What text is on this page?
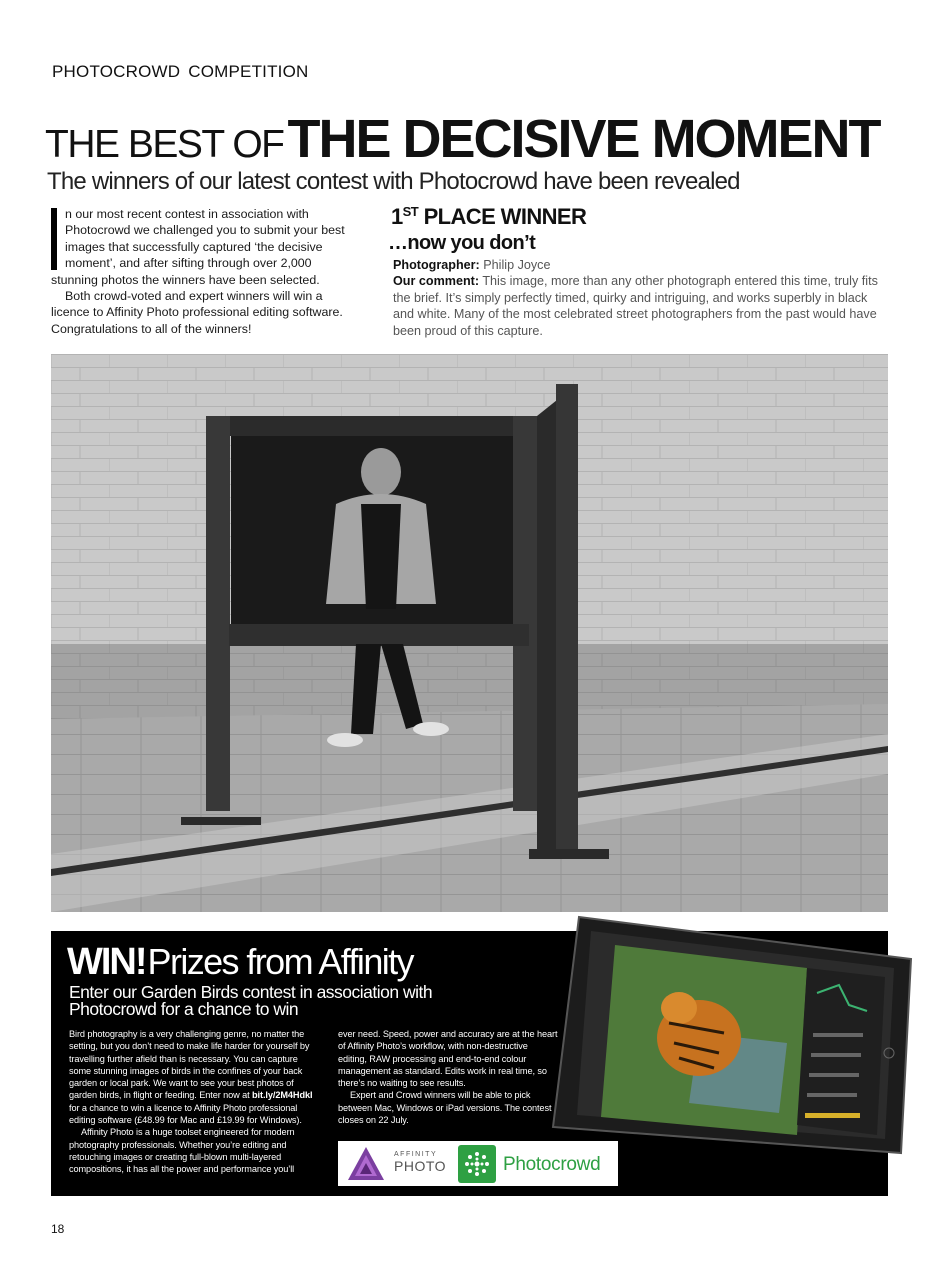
PHOTOCROWD COMPETITION
THE BEST OFTHE DECISIVE MOMENT
The winners of our latest contest with Photocrowd have been revealed

n our most recent contest in association with Photocrowd we challenged you to submit your best images that successfully captured ‘the decisive moment’, and after sifting through over 2,000 stunning photos the winners have been selected.

Both crowd-voted and expert winners will win a licence to Affinity Photo professional editing software. Congratulations to all of the winners!

1ST PLACE WINNER
…now you don’t
Photographer: Philip Joyce
Our comment: This image, more than any other photograph entered this time, truly fits the brief. It’s simply perfectly timed, quirky and intriguing, and works superbly in black and white. Many of the most celebrated street photographers from the past would have been proud of this capture.
WIN!Prizes from Affinity
Enter our Garden Birds contest in association with Photocrowd for a chance to win

Bird photography is a very challenging genre, no matter the setting, but you don’t need to make life harder for yourself by travelling further afield than is necessary. You can capture some stunning images of birds in the confines of your back garden or local park. We want to see your best photos of garden birds, in flight or feeding. Enter now at bit.ly/2M4HdkI for a chance to win a licence to Affinity Photo professional editing software (£48.99 for Mac and £19.99 for Windows).

Affinity Photo is a huge toolset engineered for modern photography professionals. Whether you’re editing and retouching images or creating full-blown multi-layered compositions, it has all the power and performance you’ll

ever need. Speed, power and accuracy are at the heart of Affinity Photo’s workflow, with non-destructive editing, RAW processing and end-to-end colour management as standard. Edits work in real time, so there’s no waiting to see results.

Expert and Crowd winners will be able to pick between Mac, Windows or iPad versions. The contest closes on 22 July.

AFFINITY
PHOTO	Photocrowd
18
